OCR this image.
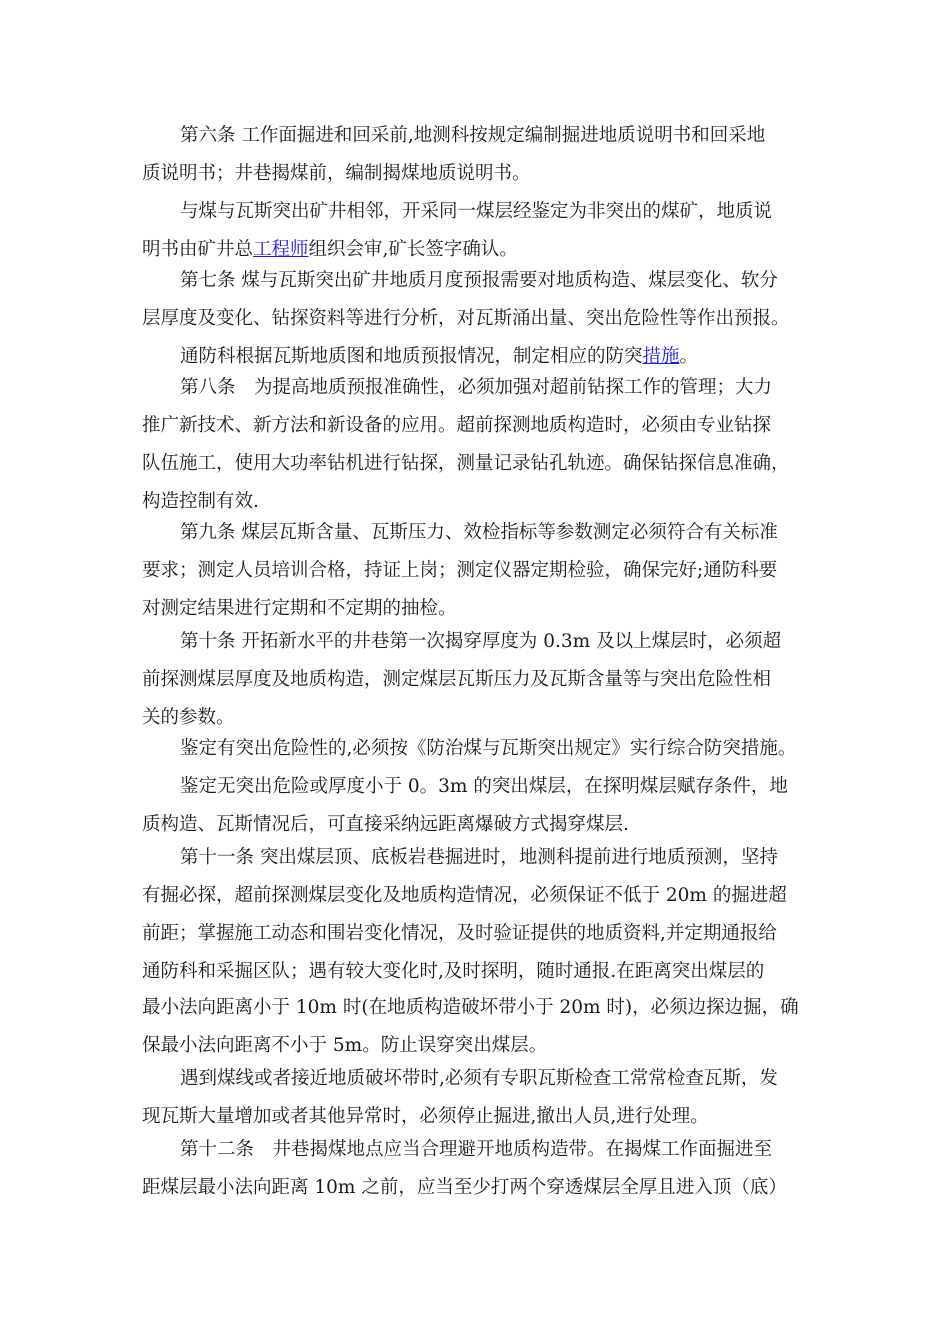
第六条 工作面掘进和回采前,地测科按规定编制掘进地质说明书和回采地
质说明书；井巷揭煤前，编制揭煤地质说明书。
与煤与瓦斯突出矿井相邻，开采同一煤层经鉴定为非突出的煤矿，地质说
明书由矿井总工程师组织会审,矿长签字确认。
第七条 煤与瓦斯突出矿井地质月度预报需要对地质构造、煤层变化、软分
层厚度及变化、钻探资料等进行分析，对瓦斯涌出量、突出危险性等作出预报。
通防科根据瓦斯地质图和地质预报情况，制定相应的防突措施。
第八条　为提高地质预报准确性，必须加强对超前钻探工作的管理；大力
推广新技术、新方法和新设备的应用。超前探测地质构造时，必须由专业钻探
队伍施工，使用大功率钻机进行钻探，测量记录钻孔轨迹。确保钻探信息准确，
构造控制有效.
第九条 煤层瓦斯含量、瓦斯压力、效检指标等参数测定必须符合有关标准
要求；测定人员培训合格，持证上岗；测定仪器定期检验，确保完好;通防科要
对测定结果进行定期和不定期的抽检。
第十条 开拓新水平的井巷第一次揭穿厚度为 0.3m 及以上煤层时，必须超
前探测煤层厚度及地质构造，测定煤层瓦斯压力及瓦斯含量等与突出危险性相
关的参数。
鉴定有突出危险性的,必须按《防治煤与瓦斯突出规定》实行综合防突措施。
鉴定无突出危险或厚度小于 0。3m 的突出煤层，在探明煤层赋存条件，地
质构造、瓦斯情况后，可直接采纳远距离爆破方式揭穿煤层.
第十一条 突出煤层顶、底板岩巷掘进时，地测科提前进行地质预测，坚持
有掘必探，超前探测煤层变化及地质构造情况，必须保证不低于 20m 的掘进超
前距；掌握施工动态和围岩变化情况，及时验证提供的地质资料,并定期通报给
通防科和采掘区队；遇有较大变化时,及时探明，随时通报.在距离突出煤层的
最小法向距离小于 10m 时(在地质构造破坏带小于 20m 时)，必须边探边掘，确
保最小法向距离不小于 5m。防止误穿突出煤层。
遇到煤线或者接近地质破坏带时,必须有专职瓦斯检查工常常检查瓦斯，发
现瓦斯大量增加或者其他异常时，必须停止掘进,撤出人员,进行处理。
第十二条　井巷揭煤地点应当合理避开地质构造带。在揭煤工作面掘进至
距煤层最小法向距离 10m 之前，应当至少打两个穿透煤层全厚且进入顶（底）
